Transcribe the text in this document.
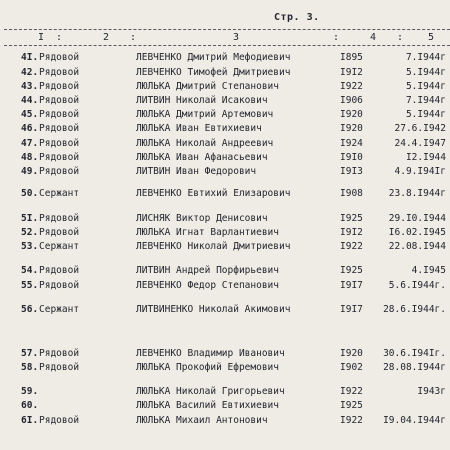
Стр. 3.
I :	2 :	3	:	4 : 5
4I. Рядовой	ЛЕВЧЕНКО Дмитрий Мефодиевич	I895	7.I944г
42. Рядовой	ЛЕВЧЕНКО Тимофей Дмитриевич	I9I2	5.I944г
43. Рядовой	ЛЮЛЬКА Дмитрий Степанович	I922	5.I944г
44. Рядовой	ЛИТВИН Николай Исакович	I906	7.I944г
45. Рядовой	ЛЮЛЬКА Дмитрий Артемович	I920	5.I944г
46. Рядовой	ЛЮЛЬКА Иван Евтихиевич	I920	27.6.I942
47. Рядовой	ЛЮЛЬКА Николай Андреевич	I924	24.4.I947
48. Рядовой	ЛЮЛЬКА Иван Афанасьевич	I9I0	I2.I944
49. Рядовой	ЛИТВИН Иван Федорович	I9I3	4.9.I94Iг
50. Сержант	ЛЕВЧЕНКО Евтихий Елизарович	I908	23.8.I944г
5I. Рядовой	ЛИСНЯК Виктор Денисович	I925	29.I0.I944
52. Рядовой	ЛЮЛЬКА Игнат Варлантиевич	I9I2	I6.02.I945
53. Сержант	ЛЕВЧЕНКО Николай Дмитриевич	I922	22.08.I944
54. Рядовой	ЛИТВИН Андрей Порфирьевич	I925	4.I945
55. Рядовой	ЛЕВЧЕНКО Федор Степанович	I9I7	5.6.I944г.
56. Сержант	ЛИТВИНЕНКО Николай Акимович	I9I7 28.6.I944г.
57. Рядовой	ЛЕВЧЕНКО Владимир Иванович	I920 30.6.I94Iг.
58. Рядовой	ЛЮЛЬКА Прокофий Ефремович	I902 28.08.I944г
59.	ЛЮЛЬКА Николай Григорьевич	I922	I943г
60.	ЛЮЛЬКА Василий Евтихиевич	I925
6I. Рядовой	ЛЮЛЬКА Михаил Антонович	I922 I9.04.I944г
